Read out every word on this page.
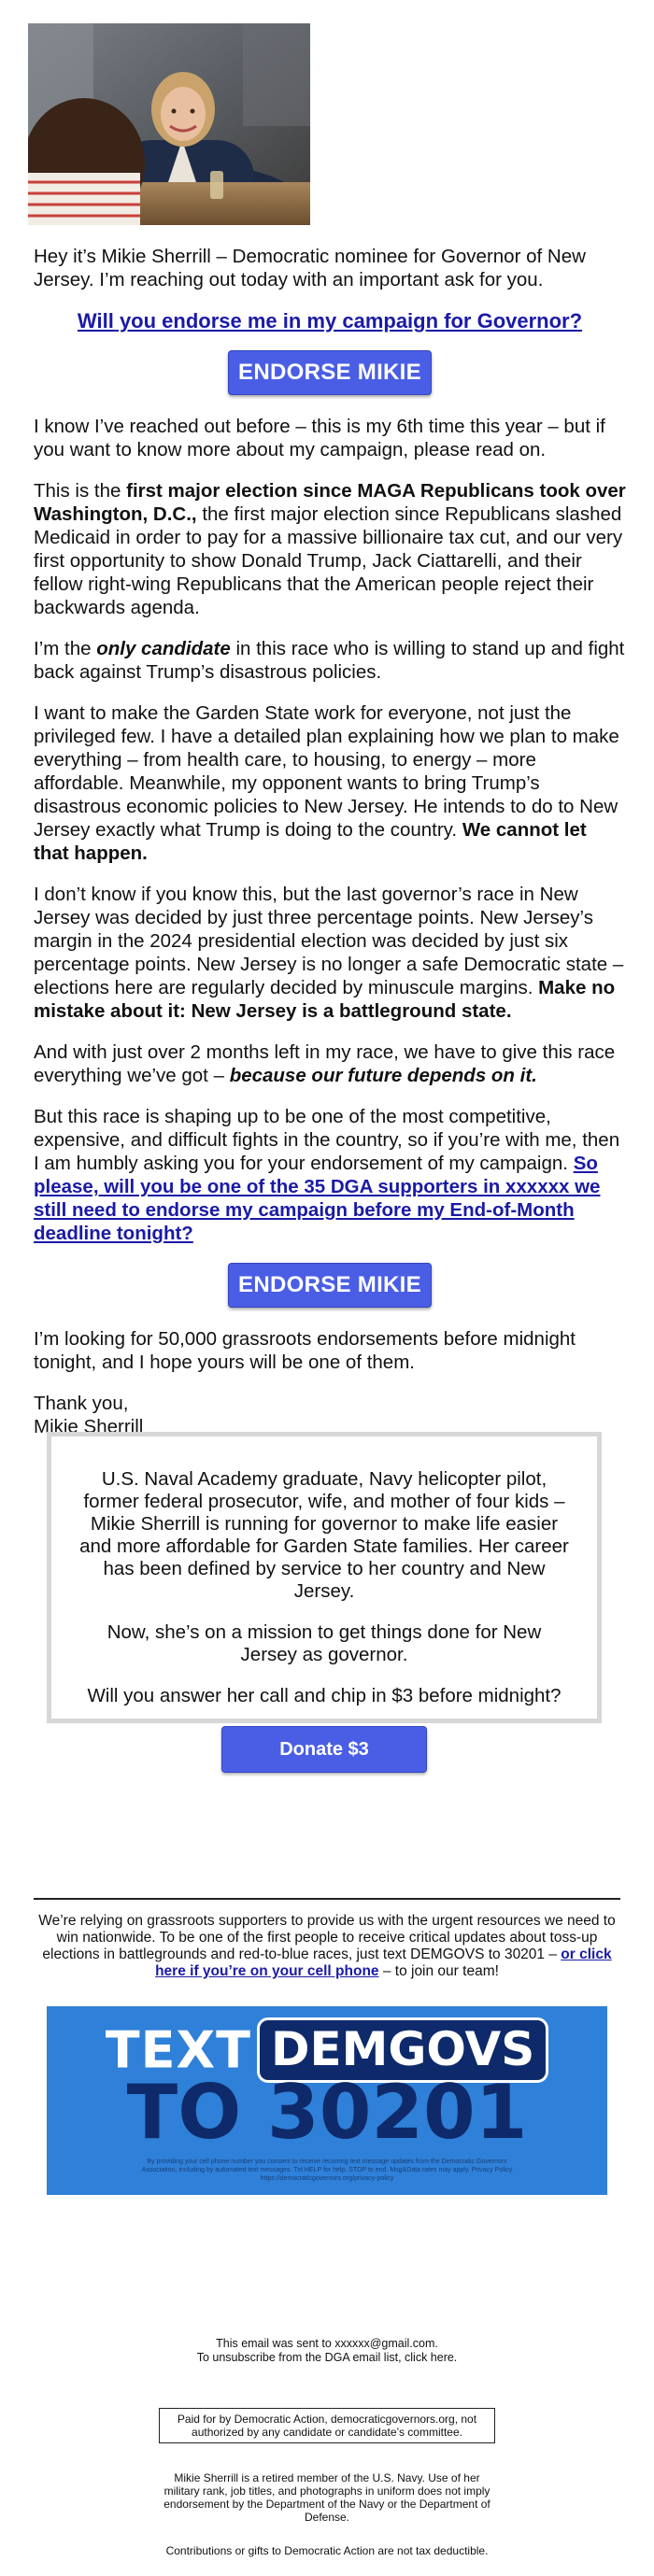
Hey it’s Mikie Sherrill – Democratic nominee for Governor of New Jersey. I’m reaching out today with an important ask for you.

Will you endorse me in my campaign for Governor?
ENDORSE MIKIE

I know I’ve reached out before – this is my 6th time this year – but if you want to know more about my campaign, please read on.

This is the first major election since MAGA Republicans took over Washington, D.C., the first major election since Republicans slashed Medicaid in order to pay for a massive billionaire tax cut, and our very first opportunity to show Donald Trump, Jack Ciattarelli, and their fellow right-wing Republicans that the American people reject their backwards agenda.

I’m the only candidate in this race who is willing to stand up and fight back against Trump’s disastrous policies.

I want to make the Garden State work for everyone, not just the privileged few. I have a detailed plan explaining how we plan to make everything – from health care, to housing, to energy – more affordable. Meanwhile, my opponent wants to bring Trump’s disastrous economic policies to New Jersey. He intends to do to New Jersey exactly what Trump is doing to the country. We cannot let that happen.

I don’t know if you know this, but the last governor’s race in New Jersey was decided by just three percentage points. New Jersey’s margin in the 2024 presidential election was decided by just six percentage points. New Jersey is no longer a safe Democratic state – elections here are regularly decided by minuscule margins. Make no mistake about it: New Jersey is a battleground state.

And with just over 2 months left in my race, we have to give this race everything we’ve got – because our future depends on it.

But this race is shaping up to be one of the most competitive, expensive, and difficult fights in the country, so if you’re with me, then I am humbly asking you for your endorsement of my campaign. So please, will you be one of the 35 DGA supporters in xxxxxx we still need to endorse my campaign before my End-of-Month deadline tonight?

ENDORSE MIKIE

I’m looking for 50,000 grassroots endorsements before midnight tonight, and I hope yours will be one of them.

Thank you,
Mikie Sherrill

U.S. Naval Academy graduate, Navy helicopter pilot, former federal prosecutor, wife, and mother of four kids – Mikie Sherrill is running for governor to make life easier and more affordable for Garden State families. Her career has been defined by service to her country and New Jersey.

Now, she’s on a mission to get things done for New Jersey as governor.

Will you answer her call and chip in $3 before midnight?

Donate $3
We’re relying on grassroots supporters to provide us with the urgent resources we need to win nationwide. To be one of the first people to receive critical updates about toss-up elections in battlegrounds and red-to-blue races, just text DEMGOVS to 30201 – or click here if you’re on your cell phone – to join our team!
TEXT DEMGOVS
TO 30201
By providing your cell phone number you consent to receive recurring text message updates from the Democratic Governors Association, including by automated text messages. Txt HELP for help, STOP to end. Msg&Data rates may apply. Privacy Policy https://democraticgovernors.org/privacy-policy
This email was sent to xxxxxx@gmail.com.
To unsubscribe from the DGA email list, click here.
Paid for by Democratic Action, democraticgovernors.org, not authorized by any candidate or candidate’s committee.
Mikie Sherrill is a retired member of the U.S. Navy. Use of her military rank, job titles, and photographs in uniform does not imply endorsement by the Department of the Navy or the Department of Defense.
Contributions or gifts to Democratic Action are not tax deductible.
